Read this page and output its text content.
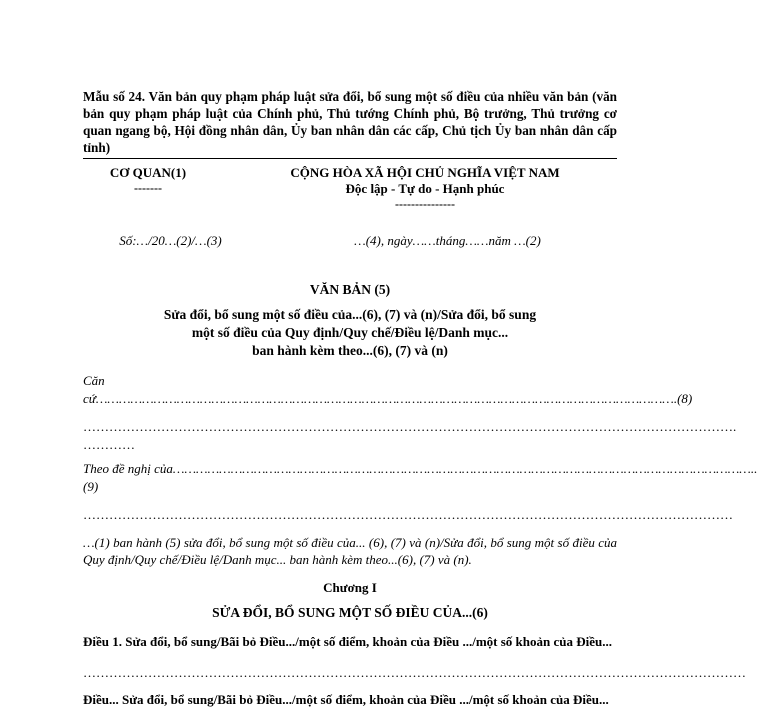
Mẫu số 24. Văn bản quy phạm pháp luật sửa đổi, bổ sung một số điều của nhiều văn bản (văn bản quy phạm pháp luật của Chính phủ, Thủ tướng Chính phủ, Bộ trưởng, Thủ trưởng cơ quan ngang bộ, Hội đồng nhân dân, Ủy ban nhân dân các cấp, Chủ tịch Ủy ban nhân dân cấp tỉnh)
CƠ QUAN(1)
-------
CỘNG HÒA XÃ HỘI CHỦ NGHĨA VIỆT NAM
Độc lập - Tự do - Hạnh phúc
---------------
Số:…/20…(2)/…(3)	…(4), ngày……tháng……năm …(2)
VĂN BẢN (5)
Sửa đổi, bổ sung một số điều của...(6), (7) và (n)/Sửa đổi, bổ sung
một số điều của Quy định/Quy chế/Điều lệ/Danh mục...
ban hành kèm theo...(6), (7) và (n)
Căn
cứ ……………………………………………………………………………………………………………………………………. (8)
…………………………………………………………………………………………………………………………………….
…………
Theo đề nghị của …………………………………………………………………………………………………………………………………….
(9)
……………………………………………………………………………………………………………………………………
…(1) ban hành (5) sửa đổi, bổ sung một số điều của... (6), (7) và (n)/Sửa đổi, bổ sung một số điều của Quy định/Quy chế/Điều lệ/Danh mục... ban hành kèm theo...(6), (7) và (n).
Chương I
SỬA ĐỔI, BỔ SUNG MỘT SỐ ĐIỀU CỦA...(6)
Điều 1. Sửa đổi, bổ sung/Bãi bỏ Điều.../một số điểm, khoản của Điều .../một số khoản của Điều...
………………………………………………………………………………………………………………………………………
Điều... Sửa đổi, bổ sung/Bãi bỏ Điều.../một số điểm, khoản của Điều .../một số khoản của Điều...
